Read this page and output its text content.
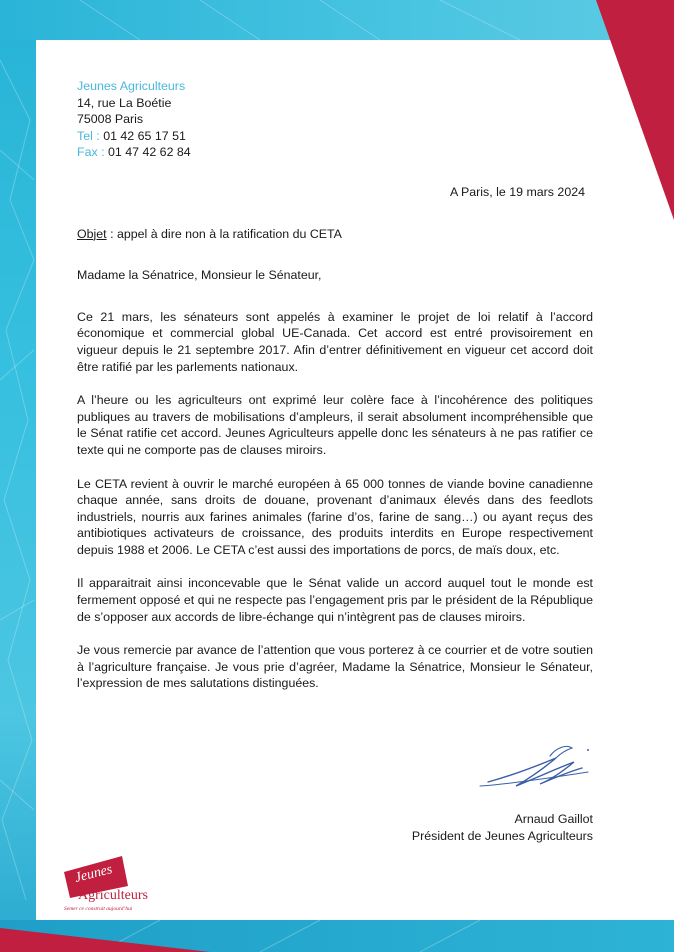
Jeunes Agriculteurs
14, rue La Boétie
75008 Paris
Tel : 01 42 65 17 51
Fax : 01 47 42 62 84
A Paris, le 19 mars 2024
Objet : appel à dire non à la ratification du CETA
Madame la Sénatrice, Monsieur le Sénateur,
Ce 21 mars, les sénateurs sont appelés à examiner le projet de loi relatif à l’accord économique et commercial global UE-Canada. Cet accord est entré provisoirement en vigueur depuis le 21 septembre 2017. Afin d’entrer définitivement en vigueur cet accord doit être ratifié par les parlements nationaux.
A l’heure ou les agriculteurs ont exprimé leur colère face à l’incohérence des politiques publiques au travers de mobilisations d’ampleurs, il serait absolument incompréhensible que le Sénat ratifie cet accord. Jeunes Agriculteurs appelle donc les sénateurs à ne pas ratifier ce texte qui ne comporte pas de clauses miroirs.
Le CETA revient à ouvrir le marché européen à 65 000 tonnes de viande bovine canadienne chaque année, sans droits de douane, provenant d’animaux élevés dans des feedlots industriels, nourris aux farines animales (farine d’os, farine de sang…) ou ayant reçus des antibiotiques activateurs de croissance, des produits interdits en Europe respectivement depuis 1988 et 2006. Le CETA c’est aussi des importations de porcs, de maïs doux, etc.
Il apparaitrait ainsi inconcevable que le Sénat valide un accord auquel tout le monde est fermement opposé et qui ne respecte pas l’engagement pris par le président de la République de s’opposer aux accords de libre-échange qui n’intègrent pas de clauses miroirs.
Je vous remercie par avance de l’attention que vous porterez à ce courrier et de votre soutien à l’agriculture française. Je vous prie d’agréer, Madame la Sénatrice, Monsieur le Sénateur, l’expression de mes salutations distinguées.
Arnaud Gaillot
Président de Jeunes Agriculteurs
Jeunes
Agriculteurs
Semer ce construit aujourd’hui
